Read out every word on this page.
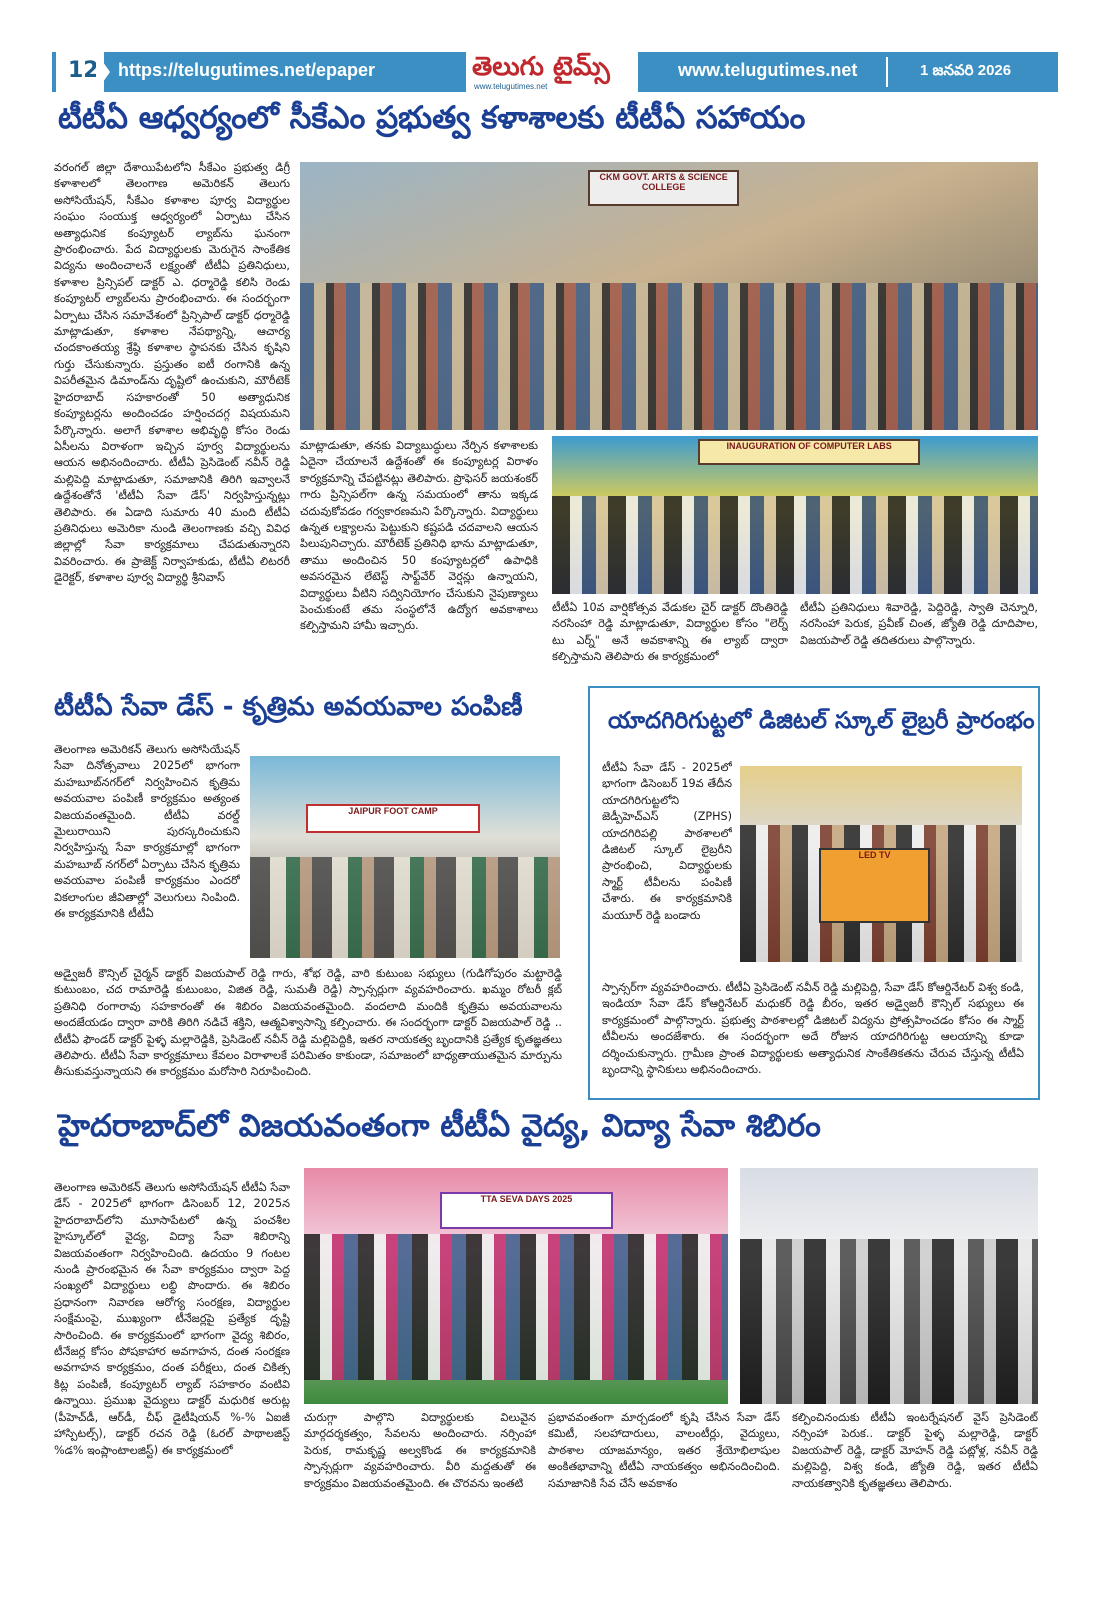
12 https://telugutimes.net/epaper	తెలుగు టైమ్స్
www.telugutimes.net
www.telugutimes.net	1 జనవరి 2026
టీటీఏ ఆధ్వర్యంలో సీకేఎం ప్రభుత్వ కళాశాలకు టీటీఏ సహాయం
వరంగల్ జిల్లా దేశాయిపేటలోని సీకేఎం ప్రభుత్వ డిగ్రీ కళాశాలలో తెలంగాణ అమెరికన్ తెలుగు అసోసియేషన్, సీకేఎం కళాశాల పూర్వ విద్యార్థుల సంఘం సంయుక్త ఆధ్వర్యంలో ఏర్పాటు చేసిన అత్యాధునిక కంప్యూటర్ ల్యాబ్‌ను ఘనంగా ప్రారంభించారు. పేద విద్యార్థులకు మెరుగైన సాంకేతిక విద్యను అందించాలనే లక్ష్యంతో టీటీఏ ప్రతినిధులు, కళాశాల ప్రిన్సిపల్ డాక్టర్ ఎ. ధర్మారెడ్డి కలిసి రెండు కంప్యూటర్ ల్యాబ్‌లను ప్రారంభించారు. ఈ సందర్భంగా ఏర్పాటు చేసిన సమావేశంలో ప్రిన్సిపాల్ డాక్టర్ ధర్మారెడ్డి మాట్లాడుతూ, కళాశాల నేపథ్యాన్ని, ఆచార్య చందకాంతయ్య శ్రేష్ఠి కళాశాల స్థాపనకు చేసిన కృషిని గుర్తు చేసుకున్నారు. ప్రస్తుతం ఐటీ రంగానికి ఉన్న విపరీతమైన డిమాండ్‌ను దృష్టిలో ఉంచుకుని, మౌరీటెక్ హైదరాబాద్ సహకారంతో 50 అత్యాధునిక కంప్యూటర్లను అందించడం హర్షించదగ్గ విషయమని పేర్కొన్నారు. అలాగే కళాశాల అభివృద్ధి కోసం రెండు ఏసీలను విరాళంగా ఇచ్చిన పూర్వ విద్యార్థులను ఆయన అభినందించారు. టీటీఏ ప్రెసిడెంట్ నవీన్ రెడ్డి మల్లిపెద్ది మాట్లాడుతూ, సమాజానికి తిరిగి ఇవ్వాలనే ఉద్దేశంతోనే 'టీటీఏ సేవా డేస్' నిర్వహిస్తున్నట్లు తెలిపారు. ఈ ఏడాది సుమారు 40 మంది టీటీఏ ప్రతినిధులు అమెరికా నుండి తెలంగాణకు వచ్చి వివిధ జిల్లాల్లో సేవా కార్యక్రమాలు చేపడుతున్నారని వివరించారు. ఈ ప్రాజెక్ట్ నిర్వాహకుడు, టీటీఏ లిటరరీ డైరెక్టర్, కళాశాల పూర్వ విద్యార్థి శ్రీనివాస్
CKM GOVT. ARTS & SCIENCE COLLEGE
మాట్లాడుతూ, తనకు విద్యాబుద్ధులు నేర్పిన కళాశాలకు ఏదైనా చేయాలనే ఉద్దేశంతో ఈ కంప్యూటర్ల విరాళం కార్యక్రమాన్ని చేపట్టినట్లు తెలిపారు. ప్రొఫెసర్ జయశంకర్ గారు ప్రిన్సిపల్‌గా ఉన్న సమయంలో తాను ఇక్కడ చదువుకోవడం గర్వకారణమని పేర్కొన్నారు. విద్యార్థులు ఉన్నత లక్ష్యాలను పెట్టుకుని కష్టపడి చదవాలని ఆయన పిలుపునిచ్చారు. మౌరీటెక్ ప్రతినిధి భాను మాట్లాడుతూ, తాము అందించిన 50 కంప్యూటర్లలో ఉపాధికి అవసరమైన లేటెస్ట్ సాఫ్ట్‌వేర్ వెర్షన్లు ఉన్నాయని, విద్యార్థులు వీటిని సద్వినియోగం చేసుకుని నైపుణ్యాలు పెంచుకుంటే తమ సంస్థలోనే ఉద్యోగ అవకాశాలు కల్పిస్తామని హామీ ఇచ్చారు.
INAUGURATION OF COMPUTER LABS
టీటీఏ 10వ వార్షికోత్సవ వేడుకల చైర్ డాక్టర్ దొంతిరెడ్డి నరసింహా రెడ్డి మాట్లాడుతూ, విద్యార్థుల కోసం "లెర్న్ టు ఎర్న్" అనే అవకాశాన్ని ఈ ల్యాబ్ ద్వారా కల్పిస్తామని తెలిపారు ఈ కార్యక్రమంలో
టీటీఏ ప్రతినిధులు శివారెడ్డి, పెద్దిరెడ్డి, స్వాతి చెన్నూరి, నరసింహా పెరుక, ప్రవీణ్ చింత, జ్యోతి రెడ్డి దూదిపాల, విజయపాల్ రెడ్డి తదితరులు పాల్గొన్నారు.
టీటీఏ సేవా డేస్ - కృత్రిమ అవయవాల పంపిణీ
తెలంగాణ అమెరికన్ తెలుగు అసోసియేషన్ సేవా దినోత్సవాలు 2025లో భాగంగా మహబూబ్‌నగర్‌లో నిర్వహించిన కృత్రిమ అవయవాల పంపిణీ కార్యక్రమం అత్యంత విజయవంతమైంది. టీటీఏ వరల్డ్ మైలురాయిని పురస్కరించుకుని నిర్వహిస్తున్న సేవా కార్యక్రమాల్లో భాగంగా మహబూబ్ నగర్‌లో ఏర్పాటు చేసిన కృత్రిమ అవయవాల పంపిణీ కార్యక్రమం ఎందరో వికలాంగుల జీవితాల్లో వెలుగులు నింపింది. ఈ కార్యక్రమానికి టీటీఏ
JAIPUR FOOT CAMP
అడ్వైజరీ కౌన్సిల్ చైర్మన్ డాక్టర్ విజయపాల్ రెడ్డి గారు, శోభ రెడ్డి, వారి కుటుంబ సభ్యులు (గుడిగోపురం మట్టారెడ్డి కుటుంబం, చద రామారెడ్డి కుటుంబం, విజిత రెడ్డి, సుమతీ రెడ్డి) స్పాన్సర్లుగా వ్యవహరించారు. ఖమ్మం రోటరీ క్లబ్ ప్రతినిధి రంగారావు సహకారంతో ఈ శిబిరం విజయవంతమైంది. వందలాది మందికి కృత్రిమ అవయవాలను అందజేయడం ద్వారా వారికి తిరిగి నడిచే శక్తిని, ఆత్మవిశ్వాసాన్ని కల్పించారు. ఈ సందర్భంగా డాక్టర్ విజయపాల్ రెడ్డి .. టీటీఏ ఫౌండర్ డాక్టర్ పైళ్ళ మల్లారెడ్డికి, ప్రెసిడెంట్ నవీన్ రెడ్డి మల్లిపెద్దికి, ఇతర నాయకత్వ బృందానికి ప్రత్యేక కృతజ్ఞతలు తెలిపారు. టీటీఏ సేవా కార్యక్రమాలు కేవలం విరాళాలకే పరిమితం కాకుండా, సమాజంలో బాధ్యతాయుతమైన మార్పును తీసుకువస్తున్నాయని ఈ కార్యక్రమం మరోసారి నిరూపించింది.
యాదగిరిగుట్టలో డిజిటల్ స్కూల్ లైబ్రరీ ప్రారంభం
టీటీఏ సేవా డేస్ - 2025లో భాగంగా డిసెంబర్ 19వ తేదీన యాదగిరిగుట్టలోని జెడ్పీహెచ్‌ఎస్ (ZPHS) యాదగిరిపల్లి పాఠశాలలో డిజిటల్ స్కూల్ లైబ్రరీని ప్రారంభించి, విద్యార్థులకు స్మార్ట్ టీవీలను పంపిణీ చేశారు. ఈ కార్యక్రమానికి మయూర్ రెడ్డి బండారు
LED TV
స్పాన్సర్‌గా వ్యవహరించారు. టీటీఏ ప్రెసిడెంట్ నవీన్ రెడ్డి మల్లిపెద్ది, సేవా డేస్ కోఆర్డినేటర్ విశ్వ కండి, ఇండియా సేవా డేస్ కోఆర్డినేటర్ మధుకర్ రెడ్డి బీరం, ఇతర అడ్వైజరీ కౌన్సిల్ సభ్యులు ఈ కార్యక్రమంలో పాల్గొన్నారు. ప్రభుత్వ పాఠశాలల్లో డిజిటల్ విద్యను ప్రోత్సహించడం కోసం ఈ స్మార్ట్ టీవీలను అందజేశారు. ఈ సందర్భంగా అదే రోజున యాదగిరిగుట్ట ఆలయాన్ని కూడా దర్శించుకున్నారు. గ్రామీణ ప్రాంత విద్యార్థులకు అత్యాధునిక సాంకేతికతను చేరువ చేస్తున్న టీటీఏ బృందాన్ని స్థానికులు అభినందించారు.
హైదరాబాద్‌లో విజయవంతంగా టీటీఏ వైద్య, విద్యా సేవా శిబిరం
తెలంగాణ అమెరికన్ తెలుగు అసోసియేషన్ టీటీఏ సేవా డేస్ - 2025లో భాగంగా డిసెంబర్ 12, 2025న హైదరాబాద్‌లోని మూసాపేటలో ఉన్న పంచశీల హైస్కూల్‌లో వైద్య, విద్యా సేవా శిబిరాన్ని విజయవంతంగా నిర్వహించింది. ఉదయం 9 గంటల నుండి ప్రారంభమైన ఈ సేవా కార్యక్రమం ద్వారా పెద్ద సంఖ్యలో విద్యార్థులు లబ్ధి పొందారు. ఈ శిబిరం ప్రధానంగా నివారణ ఆరోగ్య సంరక్షణ, విద్యార్థుల సంక్షేమంపై, ముఖ్యంగా టీనేజర్లపై ప్రత్యేక దృష్టి సారించింది. ఈ కార్యక్రమంలో భాగంగా వైద్య శిబిరం, టీనేజర్ల కోసం పోషకాహార అవగాహన, దంత సంరక్షణ అవగాహన కార్యక్రమం, దంత పరీక్షలు, దంత చికిత్స కిట్ల పంపిణీ, కంప్యూటర్ ల్యాబ్ సహకారం వంటివి ఉన్నాయి. ప్రముఖ వైద్యులు డాక్టర్ మధురిక అరుట్ల (పీహెచ్‌డీ, ఆర్‌డీ, చీఫ్ డైటీషియన్ %-% ఏఐజీ హాస్పిటల్స్), డాక్టర్ రచన రెడ్డి (ఓరల్ పాథాలజిస్ట్ %డ% ఇంప్లాంటాలజిస్ట్) ఈ కార్యక్రమంలో
TTA SEVA DAYS 2025
చురుగ్గా పాల్గొని విద్యార్థులకు విలువైన మార్గదర్శకత్వం, సేవలను అందించారు. నర్సింహా పెరుక, రామకృష్ణ అల్వకొండ ఈ కార్యక్రమానికి స్పాన్సర్లుగా వ్యవహరించారు. వీరి మద్దతుతో ఈ కార్యక్రమం విజయవంతమైంది. ఈ చొరవను ఇంతటి
ప్రభావవంతంగా మార్చడంలో కృషి చేసిన సేవా డేస్ కమిటీ, సలహాదారులు, వాలంటీర్లు, వైద్యులు, పాఠశాల యాజమాన్యం, ఇతర శ్రేయోభిలాషుల అంకితభావాన్ని టీటీఏ నాయకత్వం అభినందించింది. సమాజానికి సేవ చేసే అవకాశం
కల్పించినందుకు టీటీఏ ఇంటర్నేషనల్ వైస్ ప్రెసిడెంట్ నర్సింహా పెరుక.. డాక్టర్ పైళ్ళ మల్లారెడ్డి, డాక్టర్ విజయపాల్ రెడ్డి, డాక్టర్ మోహన్ రెడ్డి పట్లోళ్ల, నవీన్ రెడ్డి మల్లిపెద్ది, విశ్వ కండి, జ్యోతి రెడ్డి, ఇతర టీటీఏ నాయకత్వానికి కృతజ్ఞతలు తెలిపారు.
